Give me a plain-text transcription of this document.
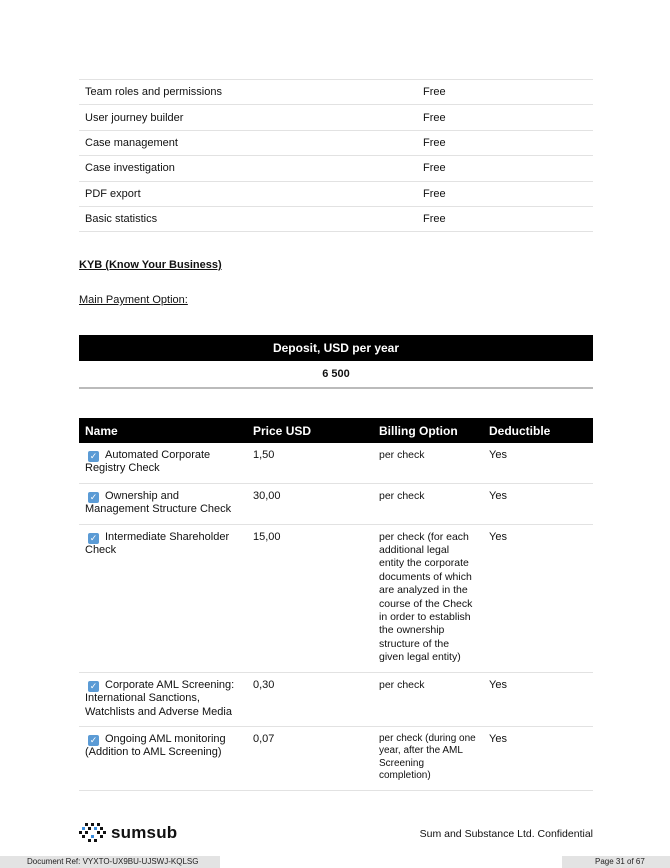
Team roles and permissions	Free
User journey builder	Free
Case management	Free
Case investigation	Free
PDF export	Free
Basic statistics	Free
KYB (Know Your Business)
Main Payment Option:
Deposit, USD per year
6 500
Name	Price USD	Billing Option	Deductible
✓ Automated Corporate Registry Check	1,50	per check	Yes
✓ Ownership and Management Structure Check	30,00	per check	Yes
✓ Intermediate Shareholder Check	15,00	per check (for each additional legal entity the corporate documents of which are analyzed in the course of the Check in order to establish the ownership structure of the given legal entity)	Yes
✓ Corporate AML Screening: International Sanctions, Watchlists and Adverse Media	0,30	per check	Yes
✓ Ongoing AML monitoring (Addition to AML Screening)	0,07	per check (during one year, after the AML Screening completion)	Yes
sumsub	Sum and Substance Ltd. Confidential
Document Ref: VYXTO-UX9BU-UJSWJ-KQLSG	Page 31 of 67
